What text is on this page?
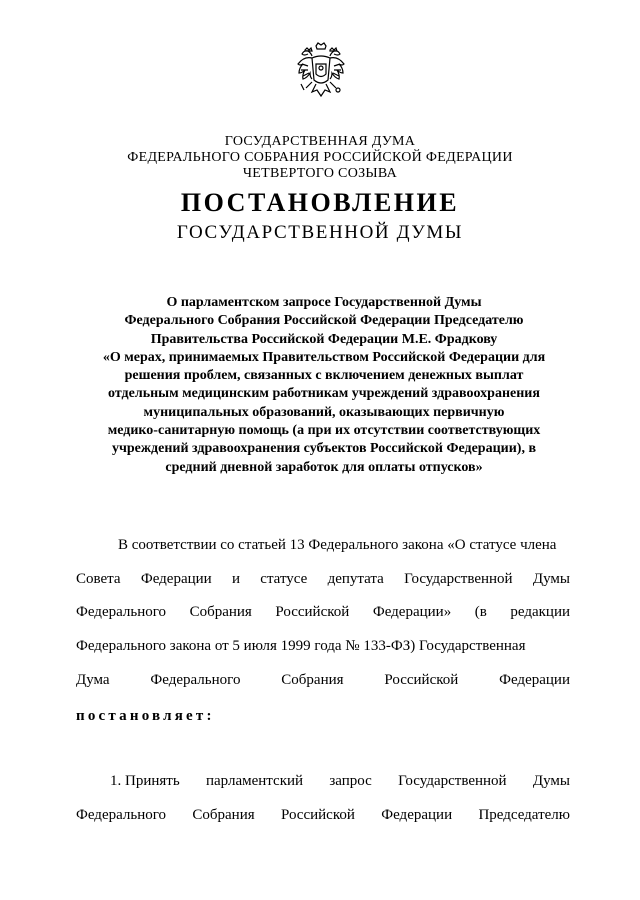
ГОСУДАРСТВЕННАЯ ДУМА
ФЕДЕРАЛЬНОГО СОБРАНИЯ РОССИЙСКОЙ ФЕДЕРАЦИИ
ЧЕТВЕРТОГО СОЗЫВА
ПОСТАНОВЛЕНИЕ
ГОСУДАРСТВЕННОЙ ДУМЫ
О парламентском запросе Государственной Думы
Федерального Собрания Российской Федерации Председателю
Правительства Российской Федерации М.Е. Фрадкову
«О мерах, принимаемых Правительством Российской Федерации для
решения проблем, связанных с включением денежных выплат
отдельным медицинским работникам учреждений здравоохранения
муниципальных образований, оказывающих первичную
медико-санитарную помощь (а при их отсутствии соответствующих
учреждений здравоохранения субъектов Российской Федерации), в
средний дневной заработок для оплаты отпусков»
В соответствии со статьей 13 Федерального закона «О статусе члена
Совета Федерации и статусе депутата Государственной Думы
Федерального Собрания Российской Федерации» (в редакции
Федерального закона от 5 июля 1999 года № 133-ФЗ) Государственная
Дума	Федерального	Собрания	Российской	Федерации
постановляет:
1. Принять парламентский запрос Государственной Думы
Федерального Собрания Российской Федерации Председателю
